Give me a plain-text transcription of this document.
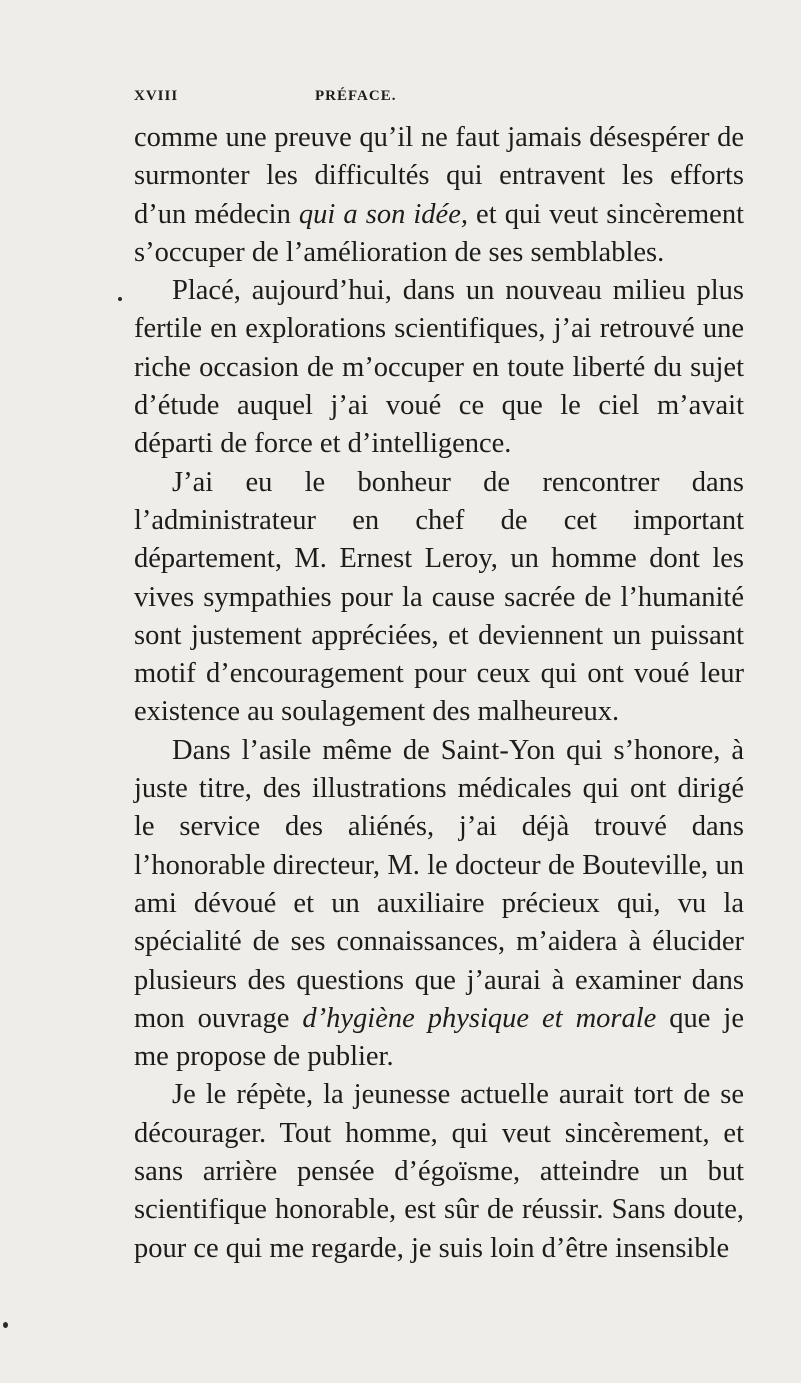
XVIII	PRÉFACE.

comme une preuve qu’il ne faut jamais désespérer de surmonter les difficultés qui entravent les efforts d’un médecin qui a son idée, et qui veut sincèrement s’occuper de l’amélioration de ses semblables.

Placé, aujourd’hui, dans un nouveau milieu plus fertile en explorations scientifiques, j’ai retrouvé une riche occasion de m’occuper en toute liberté du sujet d’étude auquel j’ai voué ce que le ciel m’avait départi de force et d’intelligence.

J’ai eu le bonheur de rencontrer dans l’administrateur en chef de cet important département, M. Ernest Leroy, un homme dont les vives sympathies pour la cause sacrée de l’humanité sont justement appréciées, et deviennent un puissant motif d’encouragement pour ceux qui ont voué leur existence au soulagement des malheureux.

Dans l’asile même de Saint-Yon qui s’honore, à juste titre, des illustrations médicales qui ont dirigé le service des aliénés, j’ai déjà trouvé dans l’honorable directeur, M. le docteur de Bouteville, un ami dévoué et un auxiliaire précieux qui, vu la spécialité de ses connaissances, m’aidera à élucider plusieurs des questions que j’aurai à examiner dans mon ouvrage d’hygiène physique et morale que je me propose de publier.

Je le répète, la jeunesse actuelle aurait tort de se décourager. Tout homme, qui veut sincèrement, et sans arrière pensée d’égoïsme, atteindre un but scientifique honorable, est sûr de réussir. Sans doute, pour ce qui me regarde, je suis loin d’être insensible
